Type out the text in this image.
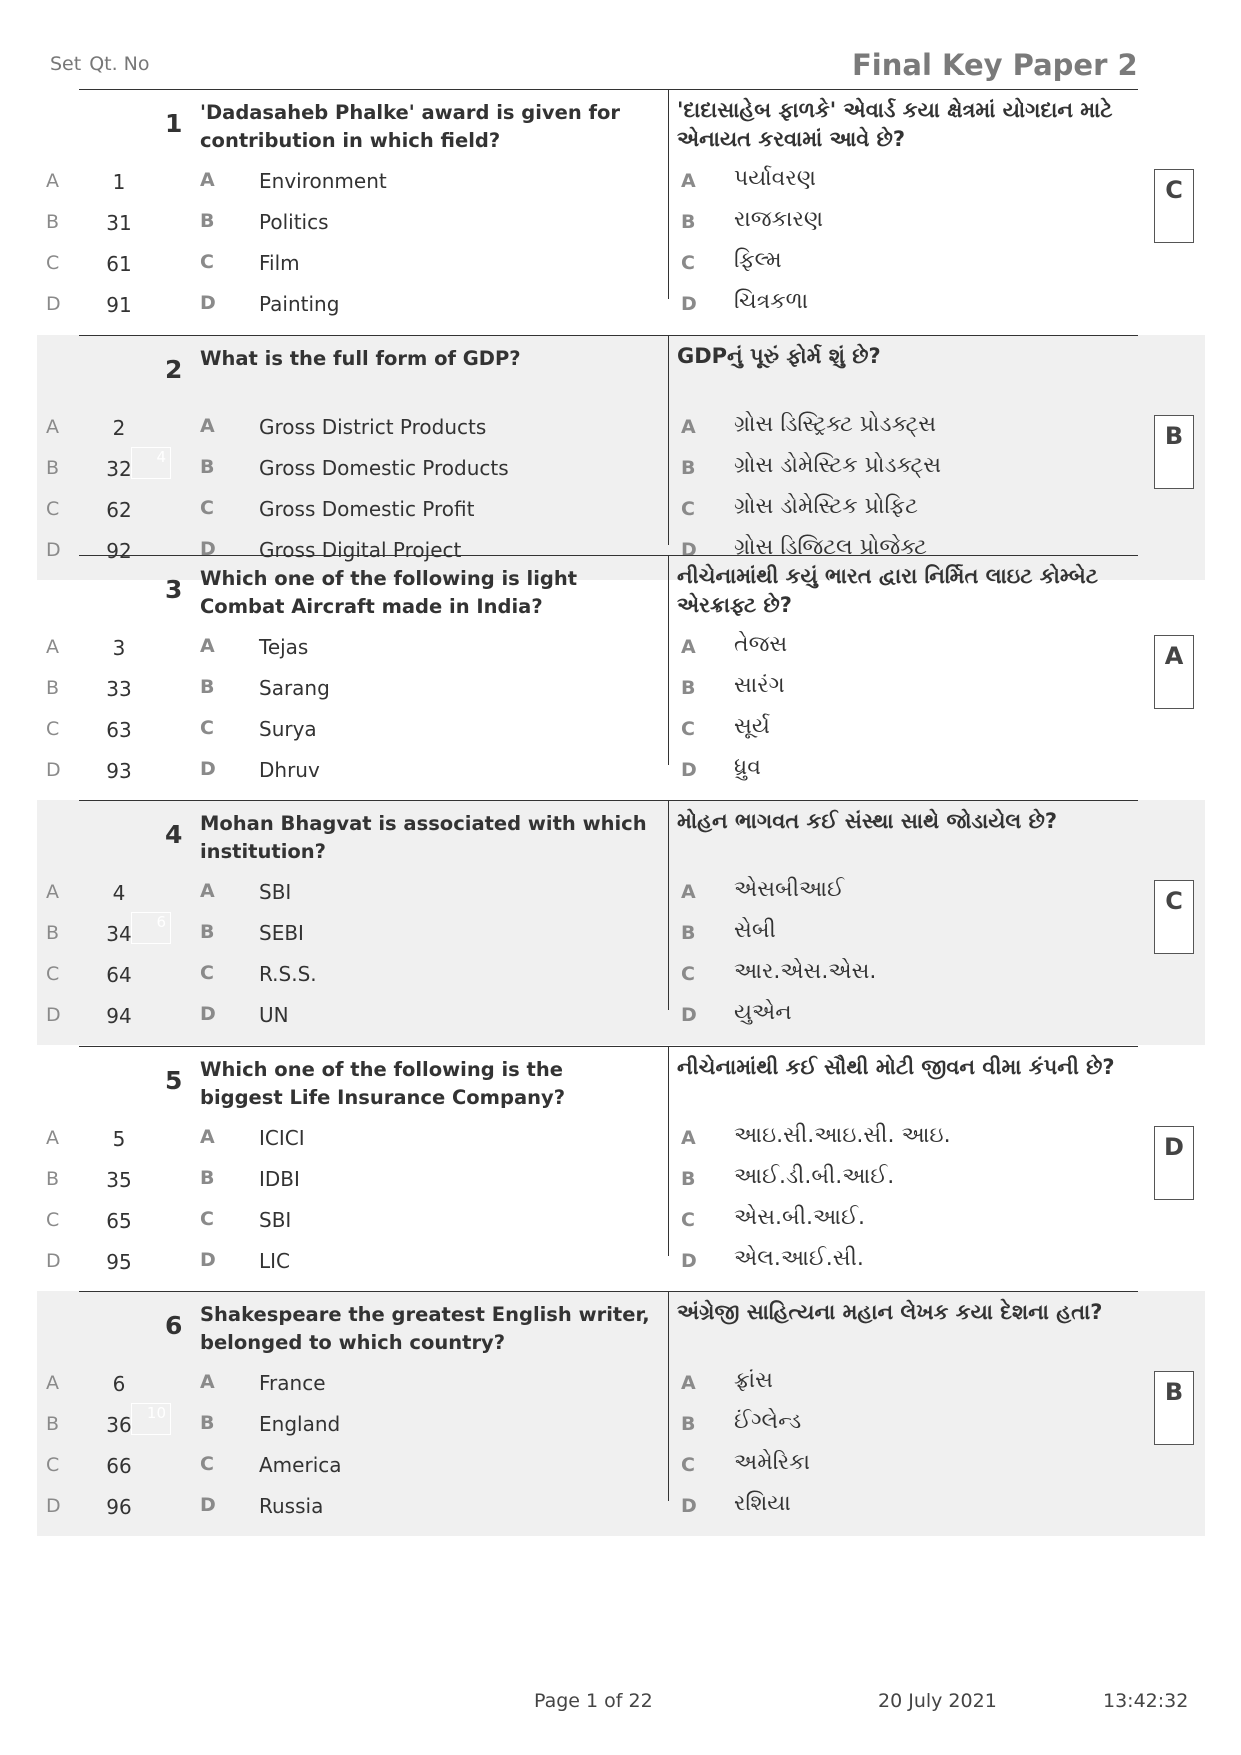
Set Qt. No	Final Key Paper 2
1 'Dadasaheb Phalke' award is given for contribution in which field?
'દાદાસાહેબ ફાળકે' એવાર્ડ કયા ક્ષેત્રમાં યોગદાન માટે એનાયત કરવામાં આવે છે?
A	1	A Environment	A પર્યાવરણ
B	31	B Politics	B રાજકારણ
C	61	C Film	C ફિલ્મ
D	91	D Painting	D ચિત્રકળા
C
2 What is the full form of GDP?	GDPનું પૂરું ફોર્મ શું છે?
A	2	A Gross District Products	A ગ્રોસ ડિસ્ટ્રિક્ટ પ્રોડક્ટ્સ
B	32	B Gross Domestic Products	B ગ્રોસ ડોમેસ્ટિક પ્રોડક્ટ્સ
C	62	C Gross Domestic Profit	C ગ્રોસ ડોમેસ્ટિક પ્રોફિટ
D	92	D Gross Digital Project	D ગ્રોસ ડિજિટલ પ્રોજેક્ટ
B
4
3 Which one of the following is light Combat Aircraft made in India?
નીચેનામાંથી કયું ભારત દ્વારા નિર્મિત લાઇટ કોમ્બેટ એરક્રાફ્ટ છે?
A	3	A Tejas	A તેજસ
B	33	B Sarang	B સારંગ
C	63	C Surya	C સૂર્ય
D	93	D Dhruv	D ધ્રુવ
A
4 Mohan Bhagvat is associated with which institution?
મોહન ભાગવત કઈ સંસ્થા સાથે જોડાયેલ છે?
A	4	A SBI	A એસબીઆઈ
B	34	B SEBI	B સેબી
C	64	C R.S.S.	C આર.એસ.એસ.
D	94	D UN	D યુએન
C
6
5 Which one of the following is the biggest Life Insurance Company?
નીચેનામાંથી કઈ સૌથી મોટી જીવન વીમા કંપની છે?
A	5	A ICICI	A આઇ.સી.આઇ.સી. આઇ.
B	35	B IDBI	B આઈ.ડી.બી.આઈ.
C	65	C SBI	C એસ.બી.આઈ.
D	95	D LIC	D એલ.આઈ.સી.
D
6 Shakespeare the greatest English writer, belonged to which country?
અંગ્રેજી સાહિત્યના મહાન લેખક કયા દેશના હતા?
A	6	A France	A ફ્રાંસ
B	36	B England	B ઈંગ્લેન્ડ
C	66	C America	C અમેરિકા
D	96	D Russia	D રશિયા
B
10
Page 1 of 22	20 July 2021	13:42:32
